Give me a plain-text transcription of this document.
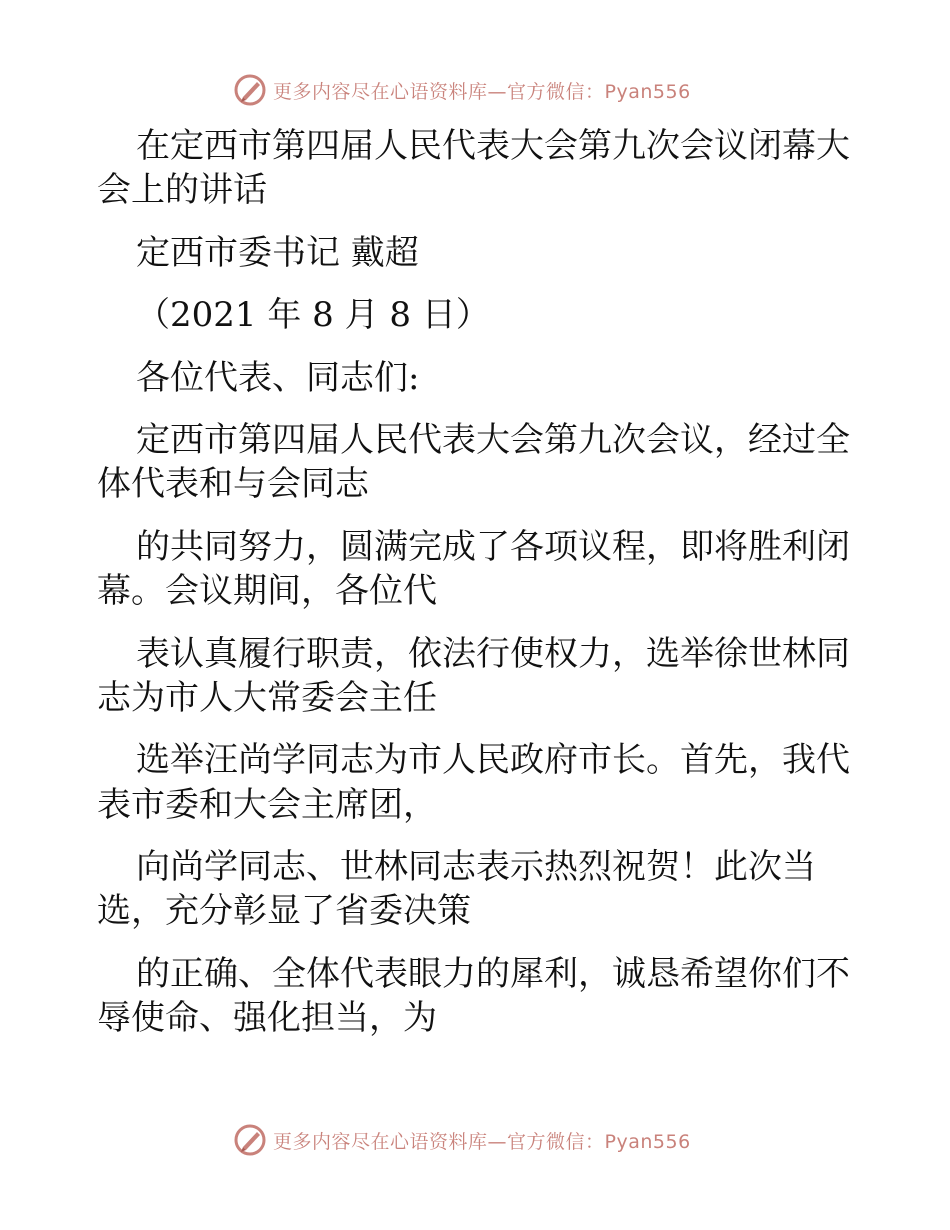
更多内容尽在心语资料库—官方微信：Pyan556
在定西市第四届人民代表大会第九次会议闭幕大
会上的讲话
定西市委书记 戴超
（2021 年 8 月 8 日）
各位代表、同志们:
定西市第四届人民代表大会第九次会议，经过全
体代表和与会同志
的共同努力，圆满完成了各项议程，即将胜利闭
幕。会议期间，各位代
表认真履行职责，依法行使权力，选举徐世林同
志为市人大常委会主任
选举汪尚学同志为市人民政府市长。首先，我代
表市委和大会主席团，
向尚学同志、世林同志表示热烈祝贺！此次当
选，充分彰显了省委决策
的正确、全体代表眼力的犀利，诚恳希望你们不
辱使命、强化担当，为
更多内容尽在心语资料库—官方微信：Pyan556
